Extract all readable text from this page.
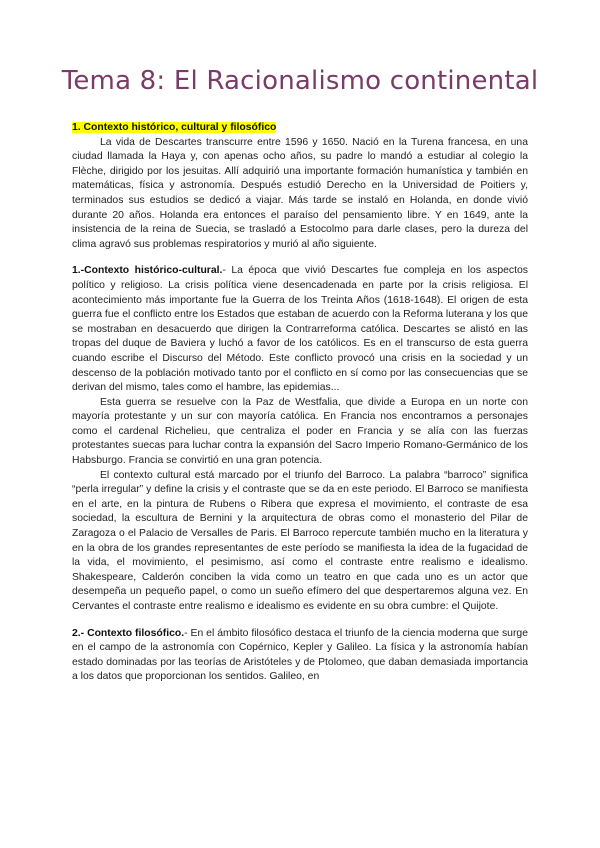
Tema 8: El Racionalismo continental
1. Contexto histórico, cultural y filosófico

La vida de Descartes transcurre entre 1596 y 1650. Nació en la Turena francesa, en una ciudad llamada la Haya y, con apenas ocho años, su padre lo mandó a estudiar al colegio la Flèche, dirigido por los jesuitas. Allí adquirió una importante formación humanística y también en matemáticas, física y astronomía. Después estudió Derecho en la Universidad de Poitiers y, terminados sus estudios se dedicó a viajar. Más tarde se instaló en Holanda, en donde vivió durante 20 años. Holanda era entonces el paraíso del pensamiento libre. Y en 1649, ante la insistencia de la reina de Suecia, se trasladó a Estocolmo para darle clases, pero la dureza del clima agravó sus problemas respiratorios y murió al año siguiente.

1.-Contexto histórico-cultural.- La época que vivió Descartes fue compleja en los aspectos político y religioso. La crisis política viene desencadenada en parte por la crisis religiosa. El acontecimiento más importante fue la Guerra de los Treinta Años (1618-1648). El origen de esta guerra fue el conflicto entre los Estados que estaban de acuerdo con la Reforma luterana y los que se mostraban en desacuerdo que dirigen la Contrarreforma católica. Descartes se alistó en las tropas del duque de Baviera y luchó a favor de los católicos. Es en el transcurso de esta guerra cuando escribe el Discurso del Método. Este conflicto provocó una crisis en la sociedad y un descenso de la población motivado tanto por el conflicto en sí como por las consecuencias que se derivan del mismo, tales como el hambre, las epidemias...

Esta guerra se resuelve con la Paz de Westfalia, que divide a Europa en un norte con mayoría protestante y un sur con mayoría católica. En Francia nos encontramos a personajes como el cardenal Richelieu, que centraliza el poder en Francia y se alía con las fuerzas protestantes suecas para luchar contra la expansión del Sacro Imperio Romano-Germánico de los Habsburgo. Francia se convirtió en una gran potencia.

El contexto cultural está marcado por el triunfo del Barroco. La palabra “barroco” significa “perla irregular” y define la crisis y el contraste que se da en este periodo. El Barroco se manifiesta en el arte, en la pintura de Rubens o Ribera que expresa el movimiento, el contraste de esa sociedad, la escultura de Bernini y la arquitectura de obras como el monasterio del Pilar de Zaragoza o el Palacio de Versalles de Paris. El Barroco repercute también mucho en la literatura y en la obra de los grandes representantes de este período se manifiesta la idea de la fugacidad de la vida, el movimiento, el pesimismo, así como el contraste entre realismo e idealismo. Shakespeare, Calderón conciben la vida como un teatro en que cada uno es un actor que desempeña un pequeño papel, o como un sueño efímero del que despertaremos alguna vez. En Cervantes el contraste entre realismo e idealismo es evidente en su obra cumbre: el Quijote.

2.- Contexto filosófico.- En el ámbito filosófico destaca el triunfo de la ciencia moderna que surge en el campo de la astronomía con Copérnico, Kepler y Galileo. La física y la astronomía habían estado dominadas por las teorías de Aristóteles y de Ptolomeo, que daban demasiada importancia a los datos que proporcionan los sentidos. Galileo, en
